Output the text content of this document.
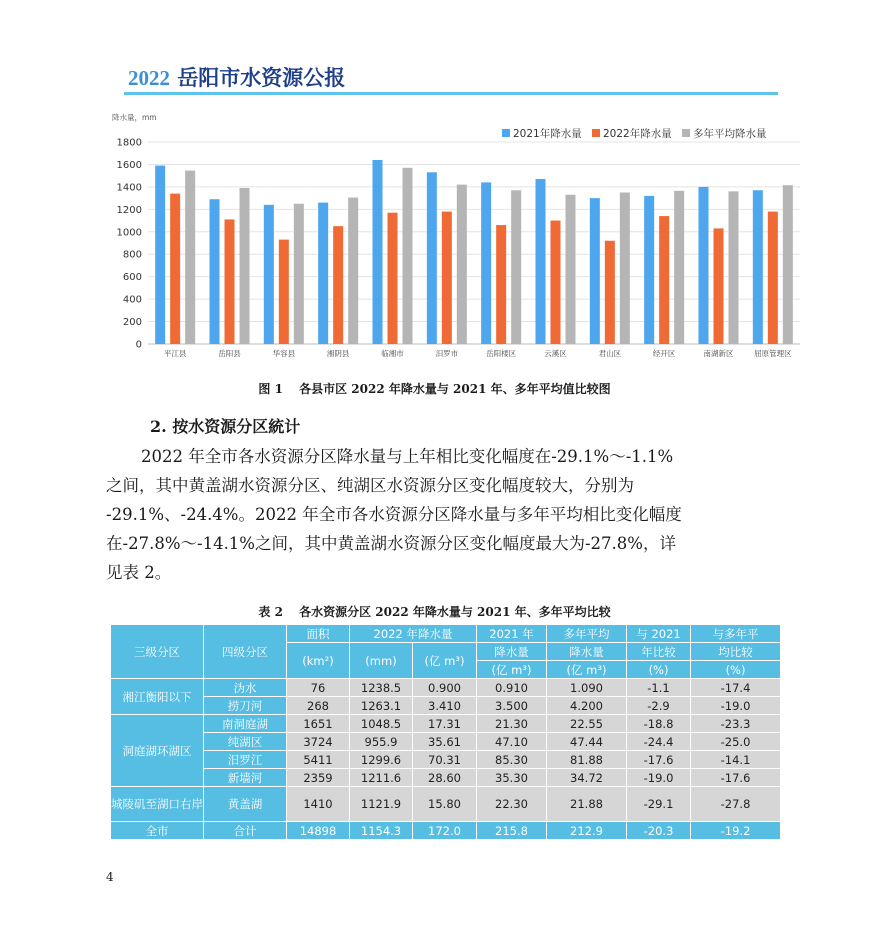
2022 岳阳市水资源公报
降水量，mm
0
200
400
600
800
1000
1200
1400
1600
1800
平江县	岳阳县	华容县	湘阴县	临湘市	汨罗市	岳阳楼区	云溪区	君山区	经开区	南湖新区	屈原管理区
2021年降水量 2022年降水量 多年平均降水量
图 1　 各县市区 2022 年降水量与 2021 年、多年平均值比较图
2. 按水资源分区統计
2022 年全市各水资源分区降水量与上年相比变化幅度在-29.1%～-1.1%
之间，其中黄盖湖水资源分区、纯湖区水资源分区变化幅度较大，分别为
-29.1%、-24.4%。2022 年全市各水资源分区降水量与多年平均相比变化幅度
在-27.8%～-14.1%之间，其中黄盖湖水资源分区变化幅度最大为-27.8%，详
见表 2。
表 2　 各水资源分区 2022 年降水量与 2021 年、多年平均比较
三级分区	四级分区	面积	2022 年降水量		2021 年	多年平均	与 2021	与多年平
		(km²)	(mm)	(亿 m³)	降水量	降水量	年比较	均比较
					(亿 m³)	(亿 m³)	(%)	(%)
湘江衡阳以下	沩水	76	1238.5	0.900	0.910	1.090	-1.1	-17.4
	捞刀河	268	1263.1	3.410	3.500	4.200	-2.9	-19.0
洞庭湖环湖区	南洞庭湖	1651	1048.5	17.31	21.30	22.55	-18.8	-23.3
	纯湖区	3724	955.9	35.61	47.10	47.44	-24.4	-25.0
	汨罗江	5411	1299.6	70.31	85.30	81.88	-17.6	-14.1
	新墙河	2359	1211.6	28.60	35.30	34.72	-19.0	-17.6
城陵矶至湖口右岸	黄盖湖	1410	1121.9	15.80	22.30	21.88	-29.1	-27.8
全市	合计	14898	1154.3	172.0	215.8	212.9	-20.3	-19.2
4
